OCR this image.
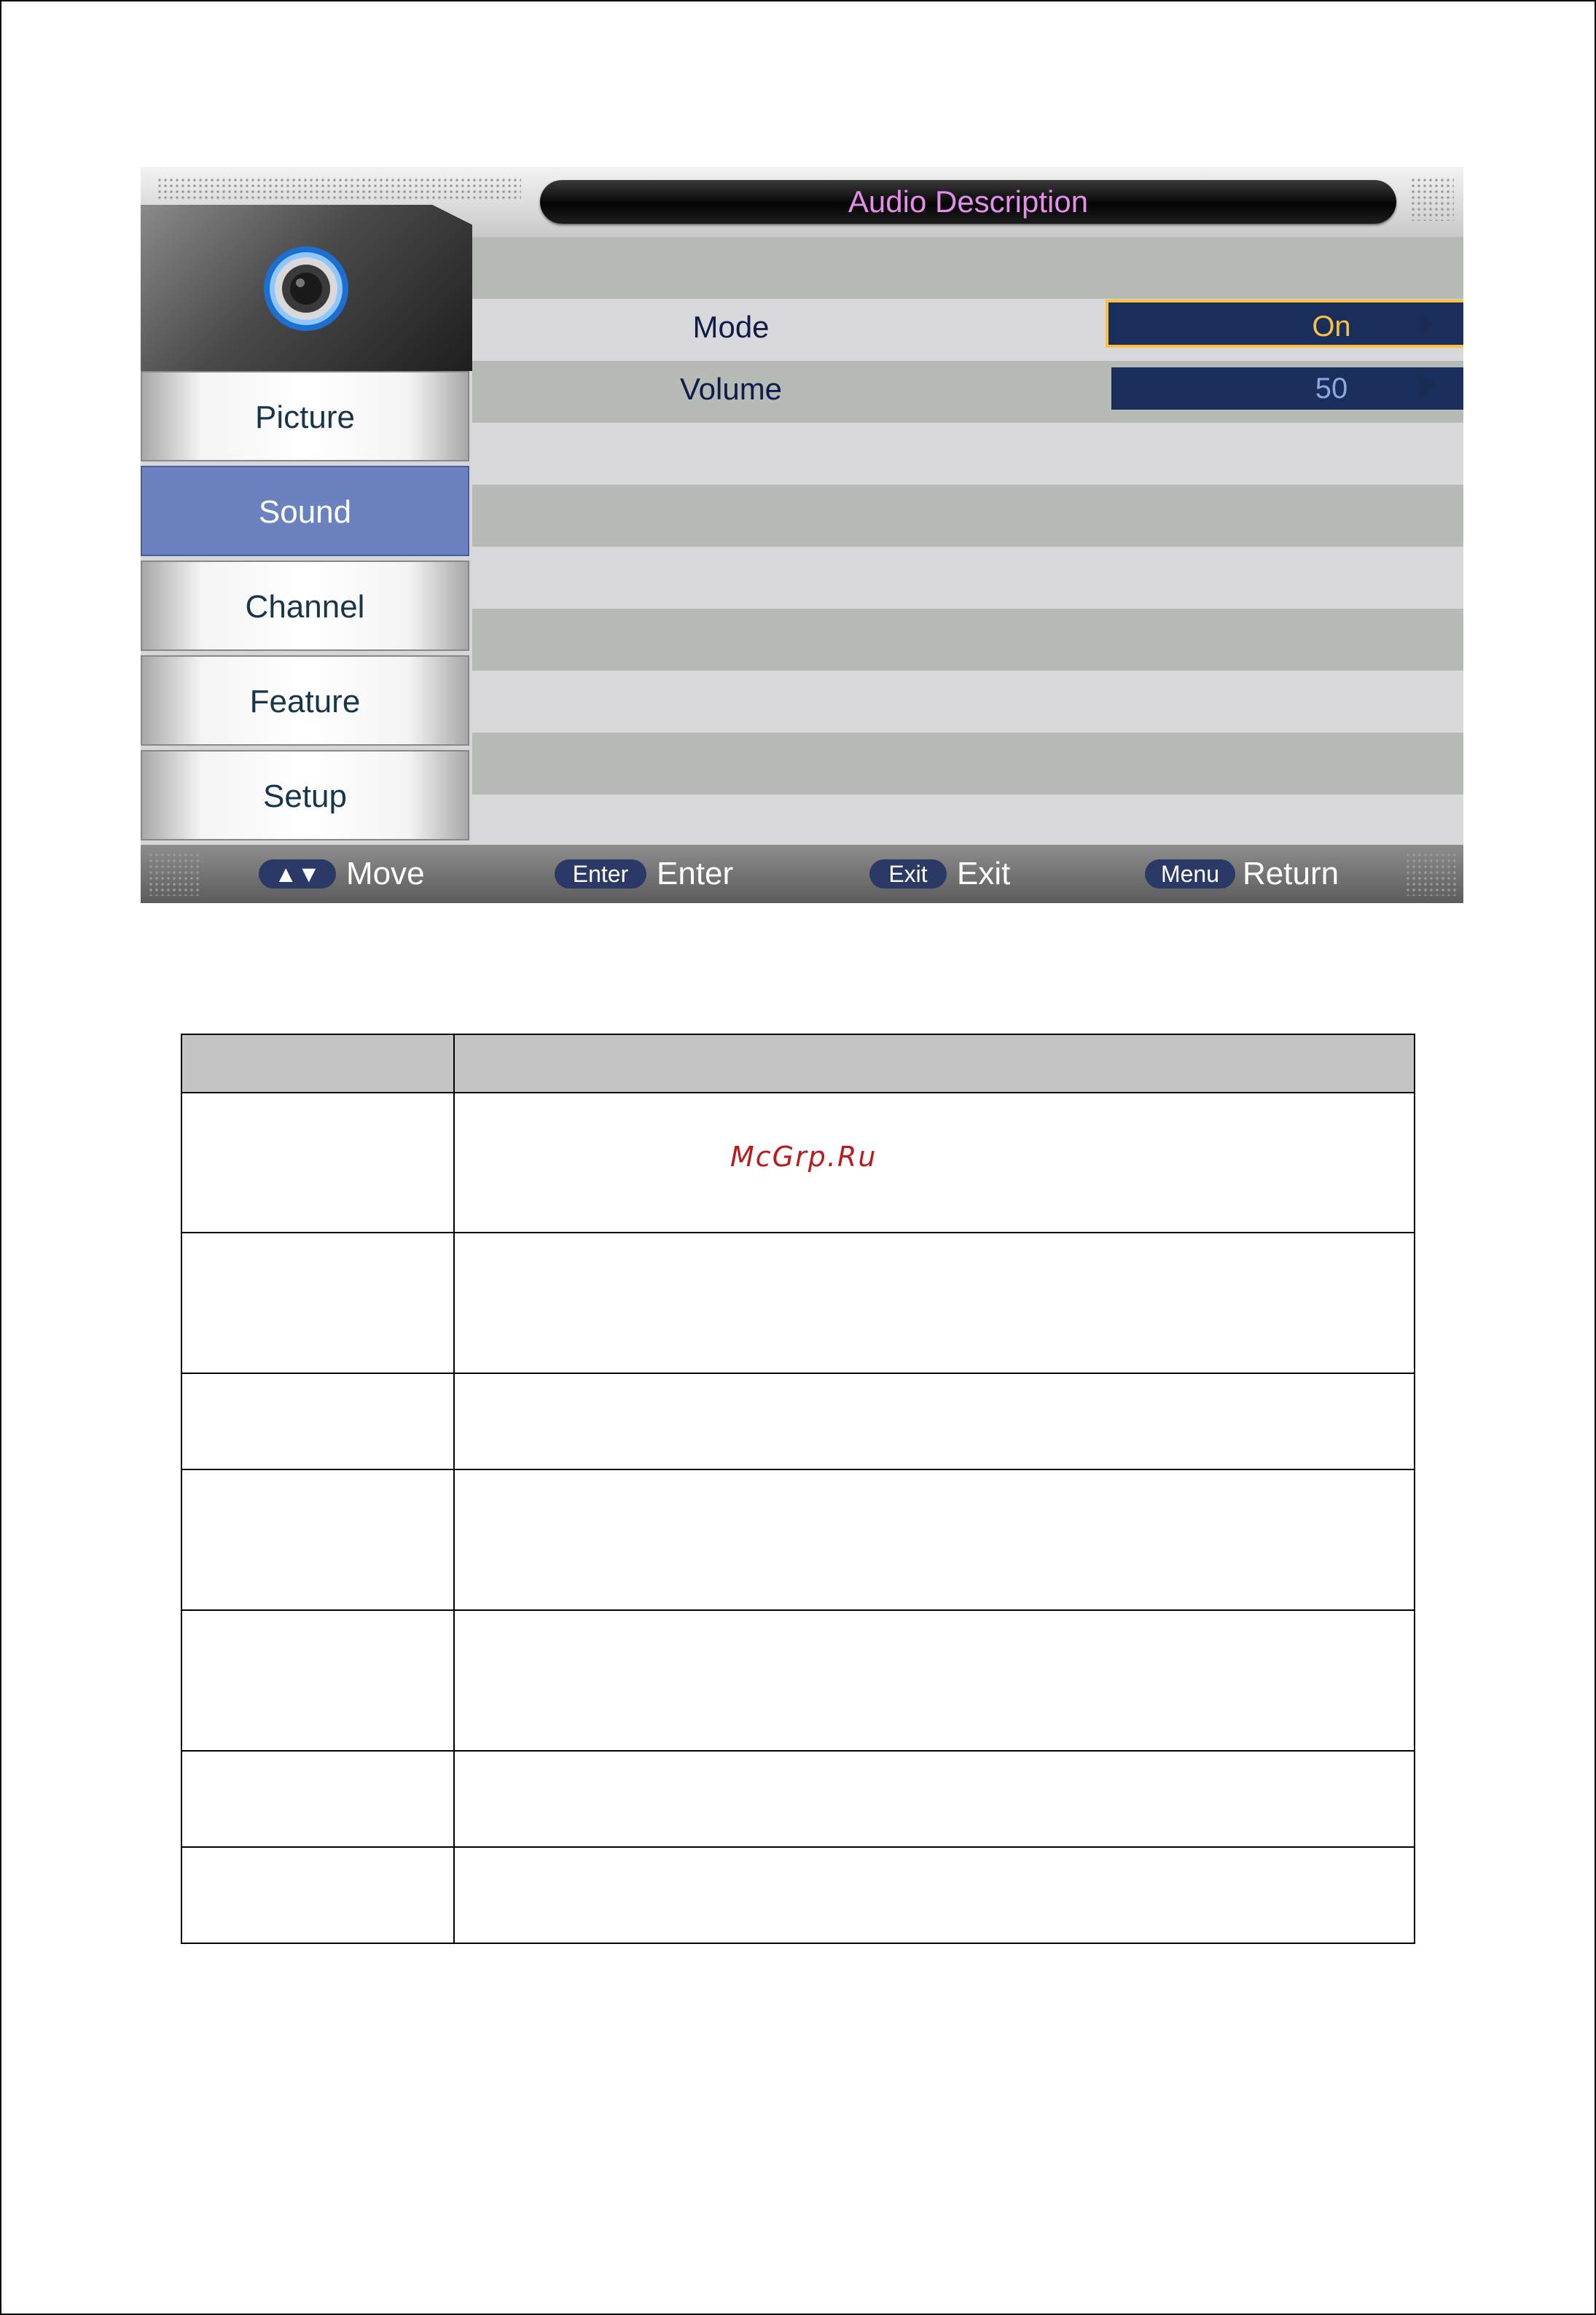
Audio Description
Picture
Sound
Channel
Feature
Setup
Mode	On
Volume	50
▲▼ Move	Enter Enter	Exit Exit	Menu Return

McGrp.Ru
